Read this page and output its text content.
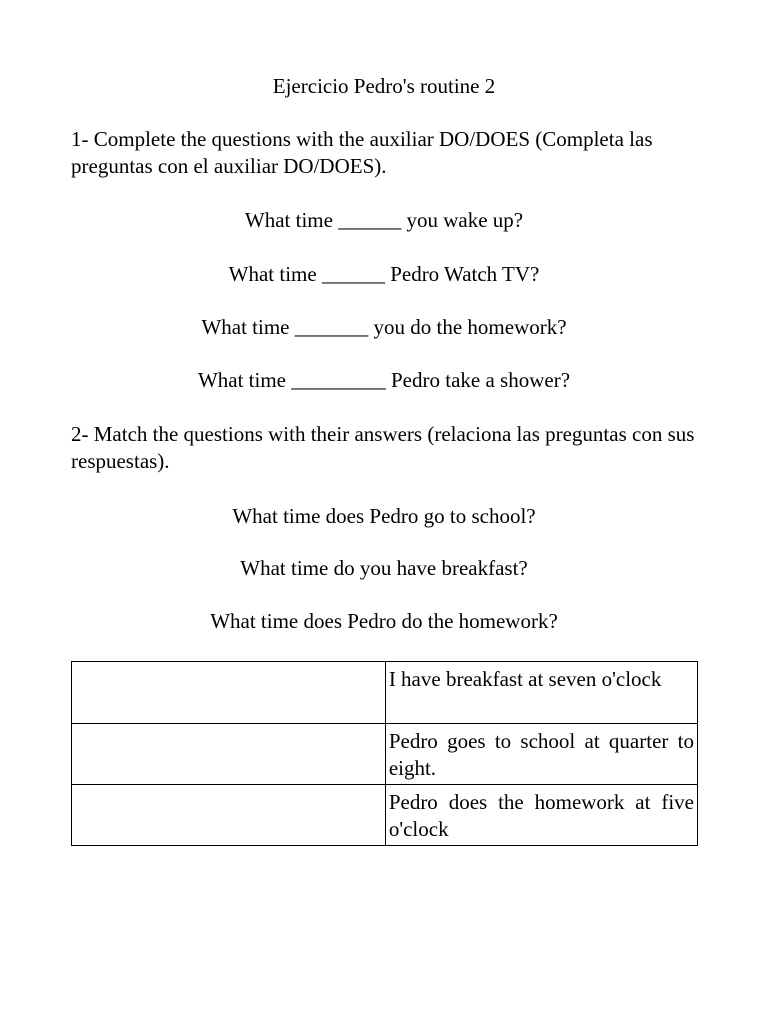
Ejercicio Pedro's routine 2
1- Complete the questions with the auxiliar DO/DOES (Completa las preguntas con el auxiliar DO/DOES).
What time ______ you wake up?
What time ______ Pedro Watch TV?
What time _______ you do the homework?
What time _________ Pedro take a shower?
2- Match the questions with their answers (relaciona las preguntas con sus respuestas).
What time does Pedro go to school?
What time do you have breakfast?
What time does Pedro do the homework?
	I have breakfast at seven o'clock
	Pedro goes to school at quarter to eight.
	Pedro does the homework at five o'clock
